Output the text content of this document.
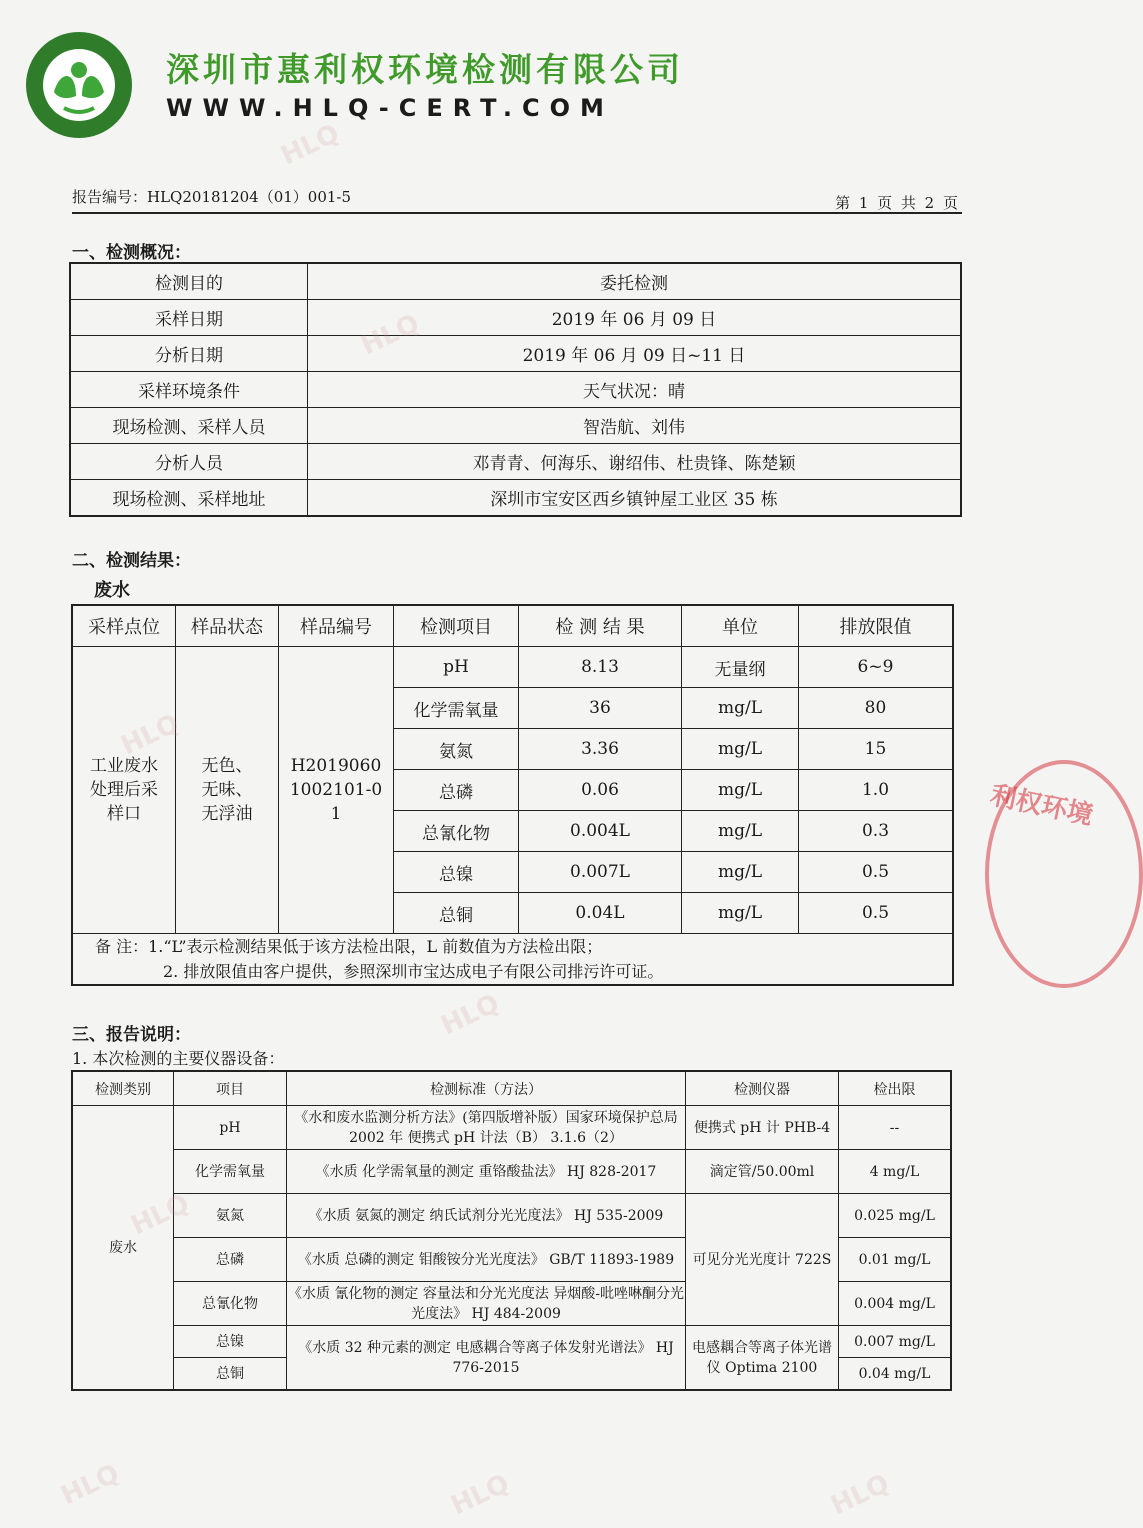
深圳市惠利权环境检测有限公司
WWW.HLQ-CERT.COM
报告编号：HLQ20181204（01）001-5	第 1 页 共 2 页
一、检测概况：
检测目的	委托检测
采样日期	2019 年 06 月 09 日
分析日期	2019 年 06 月 09 日~11 日
采样环境条件	天气状况：晴
现场检测、采样人员	智浩航、刘伟
分析人员	邓青青、何海乐、谢绍伟、杜贵锋、陈楚颖
现场检测、采样地址	深圳市宝安区西乡镇钟屋工业区 35 栋
二、检测结果：
废水
采样点位	样品状态	样品编号	检测项目	检 测 结 果	单位	排放限值

工业废水处理后采样口	无色、无味、无浮油	H20190601002101-01	pH	8.13	无量纲	6~9
			化学需氧量	36	mg/L	80
			氨氮	3.36	mg/L	15
			总磷	0.06	mg/L	1.0
			总氰化物	0.004L	mg/L	0.3
			总镍	0.007L	mg/L	0.5
			总铜	0.04L	mg/L	0.5
备 注：1.“L”表示检测结果低于该方法检出限，L 前数值为方法检出限；
2. 排放限值由客户提供，参照深圳市宝达成电子有限公司排污许可证。						
三、报告说明：
1. 本次检测的主要仪器设备：
检测类别	项目	检测标准（方法）	检测仪器	检出限
废水	pH	《水和废水监测分析方法》(第四版增补版）国家环境保护总局 2002 年 便携式 pH 计法（B） 3.1.6（2）	便携式 pH 计 PHB-4	--
	化学需氧量	《水质 化学需氧量的测定 重铬酸盐法》 HJ 828-2017	滴定管/50.00ml	4 mg/L
	氨氮	《水质 氨氮的测定 纳氏试剂分光光度法》 HJ 535-2009	可见分光光度计 722S	0.025 mg/L
	总磷	《水质 总磷的测定 钼酸铵分光光度法》 GB/T 11893-1989		0.01 mg/L
	总氰化物	《水质 氰化物的测定 容量法和分光光度法 异烟酸-吡唑啉酮分光光度法》 HJ 484-2009		0.004 mg/L
	总镍	《水质 32 种元素的测定 电感耦合等离子体发射光谱法》 HJ 776-2015	电感耦合等离子体光谱仪 Optima 2100	0.007 mg/L
	总铜			0.04 mg/L
利权环境
HLQ
HLQ
HLQ
HLQ
HLQ
HLQ	HLQ	HLQ
